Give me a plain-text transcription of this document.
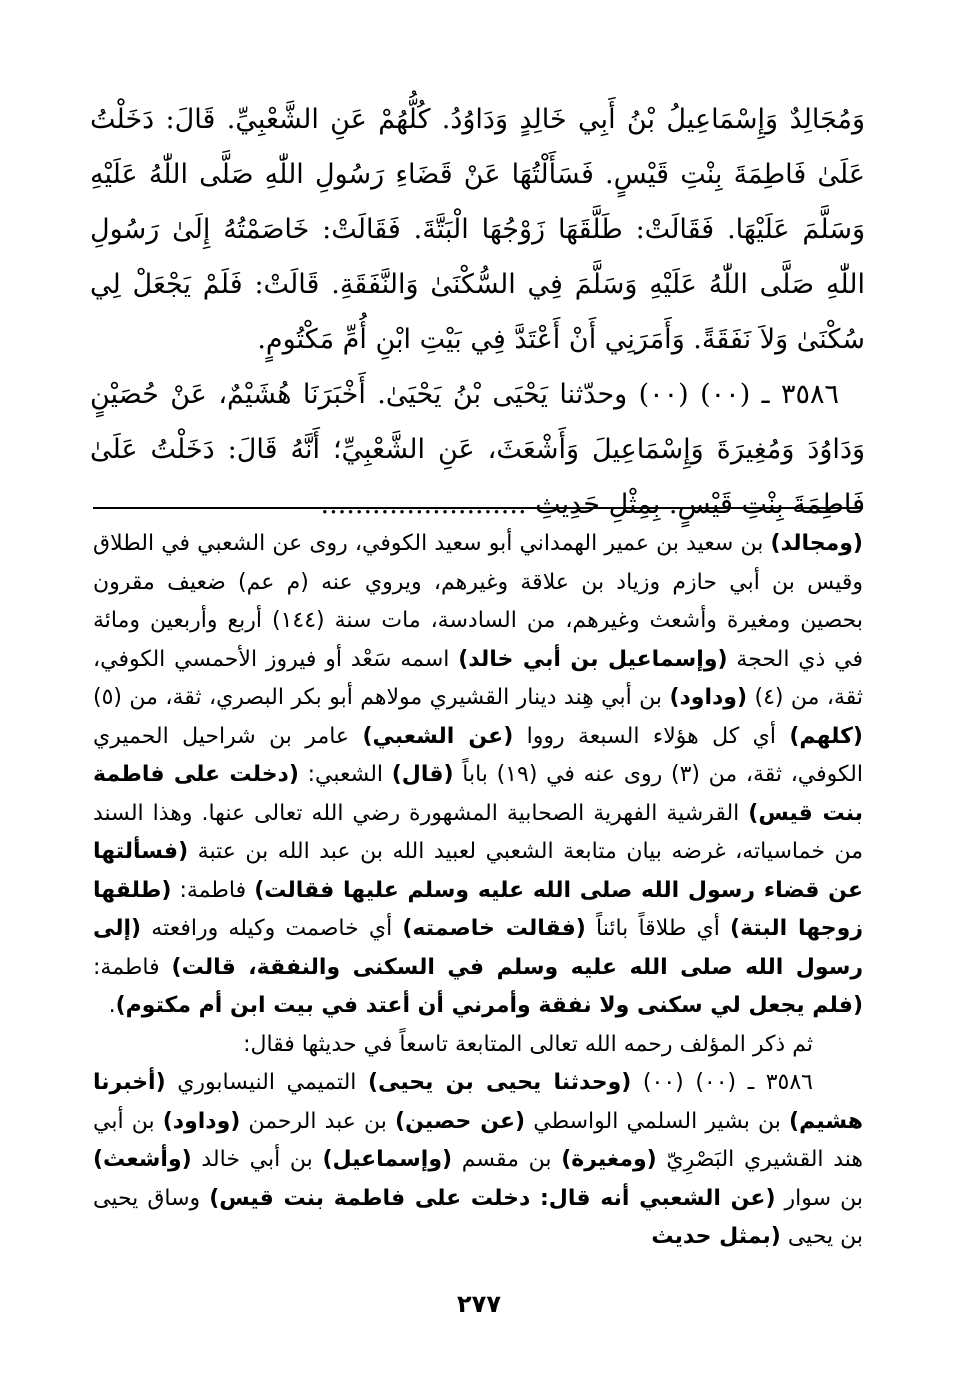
وَمُجَالِدٌ وَإِسْمَاعِيلُ بْنُ أَبِي خَالِدٍ وَدَاوُدُ. كُلُّهُمْ عَنِ الشَّعْبِيِّ. قَالَ: دَخَلْتُ عَلَىٰ فَاطِمَةَ بِنْتِ قَيْسٍ. فَسَأَلْتُهَا عَنْ قَضَاءِ رَسُولِ اللّٰهِ صَلَّى اللّٰهُ عَلَيْهِ وَسَلَّمَ عَلَيْهَا. فَقَالَتْ: طَلَّقَهَا زَوْجُهَا الْبَتَّةَ. فَقَالَتْ: خَاصَمْتُهُ إِلَىٰ رَسُولِ اللّٰهِ صَلَّى اللّٰهُ عَلَيْهِ وَسَلَّمَ فِي السُّكْنَىٰ وَالنَّفَقَةِ. قَالَتْ: فَلَمْ يَجْعَلْ لِي سُكْنَىٰ وَلاَ نَفَقَةً. وَأَمَرَنِي أَنْ أَعْتَدَّ فِي بَيْتِ ابْنِ أُمِّ مَكْتُومٍ.

٣٥٨٦ ـ (٠٠) (٠٠) وحدّثنا يَحْيَى بْنُ يَحْيَىٰ. أَخْبَرَنَا هُشَيْمٌ، عَنْ حُصَيْنٍ وَدَاوُدَ وَمُغِيرَةَ وَإِسْمَاعِيلَ وَأَشْعَثَ، عَنِ الشَّعْبِيِّ؛ أَنَّهُ قَالَ: دَخَلْتُ عَلَىٰ فَاطِمَةَ بِنْتِ قَيْسٍ. بِمِثْلِ حَدِيثِ ........................

(ومجالد) بن سعيد بن عمير الهمداني أبو سعيد الكوفي، روى عن الشعبي في الطلاق وقيس بن أبي حازم وزياد بن علاقة وغيرهم، ويروي عنه (م عم) ضعيف مقرون بحصين ومغيرة وأشعث وغيرهم، من السادسة، مات سنة (١٤٤) أربع وأربعين ومائة في ذي الحجة (وإسماعيل بن أبي خالد) اسمه سَعْد أو فيروز الأحمسي الكوفي، ثقة، من (٤) (وداود) بن أبي هِند دينار القشيري مولاهم أبو بكر البصري، ثقة، من (٥) (كلهم) أي كل هؤلاء السبعة رووا (عن الشعبي) عامر بن شراحيل الحميري الكوفي، ثقة، من (٣) روى عنه في (١٩) باباً (قال) الشعبي: (دخلت على فاطمة بنت قيس) القرشية الفهرية الصحابية المشهورة رضي الله تعالى عنها. وهذا السند من خماسياته، غرضه بيان متابعة الشعبي لعبيد الله بن عبد الله بن عتبة (فسألتها عن قضاء رسول الله صلى الله عليه وسلم عليها فقالت) فاطمة: (طلقها زوجها البتة) أي طلاقاً بائناً (فقالت خاصمته) أي خاصمت وكيله ورافعته (إلى رسول الله صلى الله عليه وسلم في السكنى والنفقة، قالت) فاطمة: (فلم يجعل لي سكنى ولا نفقة وأمرني أن أعتد في بيت ابن أم مكتوم).

ثم ذكر المؤلف رحمه الله تعالى المتابعة تاسعاً في حديثها فقال:

٣٥٨٦ ـ (٠٠) (٠٠) (وحدثنا يحيى بن يحيى) التميمي النيسابوري (أخبرنا هشيم) بن بشير السلمي الواسطي (عن حصين) بن عبد الرحمن (وداود) بن أبي هند القشيري البَصْرِيّ (ومغيرة) بن مقسم (وإسماعيل) بن أبي خالد (وأشعث) بن سوار (عن الشعبي أنه قال: دخلت على فاطمة بنت قيس) وساق يحيى بن يحيى (بمثل حديث

٢٧٧
